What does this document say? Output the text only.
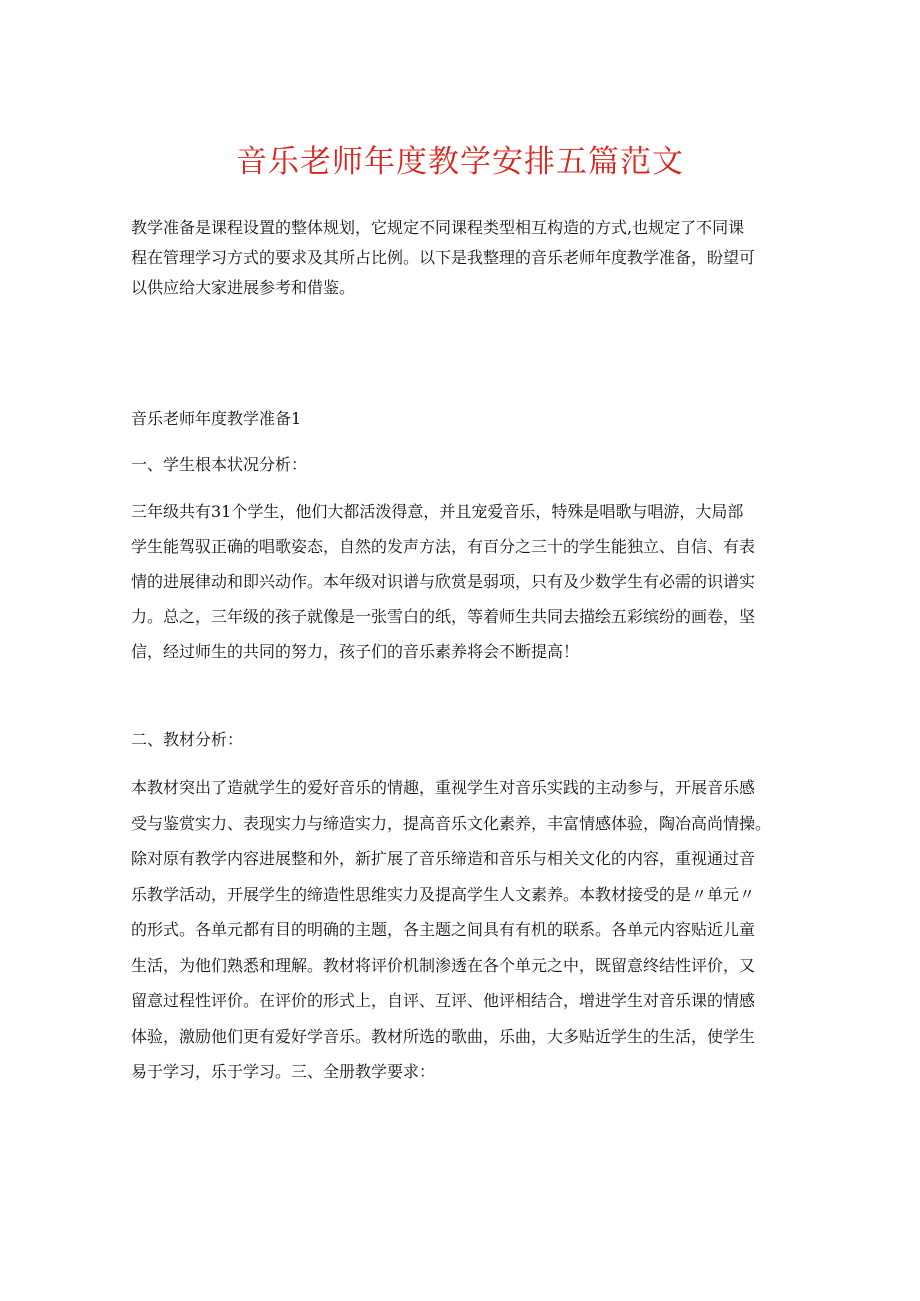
音乐老师年度教学安排五篇范文
教学准备是课程设置的整体规划，它规定不同课程类型相互构造的方式,也规定了不同课
程在管理学习方式的要求及其所占比例。以下是我整理的音乐老师年度教学准备，盼望可
以供应给大家进展参考和借鉴。
音乐老师年度教学准备1
一、学生根本状况分析：
三年级共有31个学生，他们大都活泼得意，并且宠爱音乐，特殊是唱歌与唱游，大局部
学生能驾驭正确的唱歌姿态，自然的发声方法，有百分之三十的学生能独立、自信、有表
情的进展律动和即兴动作。本年级对识谱与欣赏是弱项，只有及少数学生有必需的识谱实
力。总之，三年级的孩子就像是一张雪白的纸，等着师生共同去描绘五彩缤纷的画卷，坚
信，经过师生的共同的努力，孩子们的音乐素养将会不断提高！
二、教材分析：
本教材突出了造就学生的爱好音乐的情趣，重视学生对音乐实践的主动参与，开展音乐感
受与鉴赏实力、表现实力与缔造实力，提高音乐文化素养，丰富情感体验，陶冶高尚情操。
除对原有教学内容进展整和外，新扩展了音乐缔造和音乐与相关文化的内容，重视通过音
乐教学活动，开展学生的缔造性思维实力及提高学生人文素养。本教材接受的是〃单元〃
的形式。各单元都有目的明确的主题，各主题之间具有有机的联系。各单元内容贴近儿童
生活，为他们熟悉和理解。教材将评价机制渗透在各个单元之中，既留意终结性评价，又
留意过程性评价。在评价的形式上，自评、互评、他评相结合，增进学生对音乐课的情感
体验，激励他们更有爱好学音乐。教材所选的歌曲，乐曲，大多贴近学生的生活，使学生
易于学习，乐于学习。三、全册教学要求：
